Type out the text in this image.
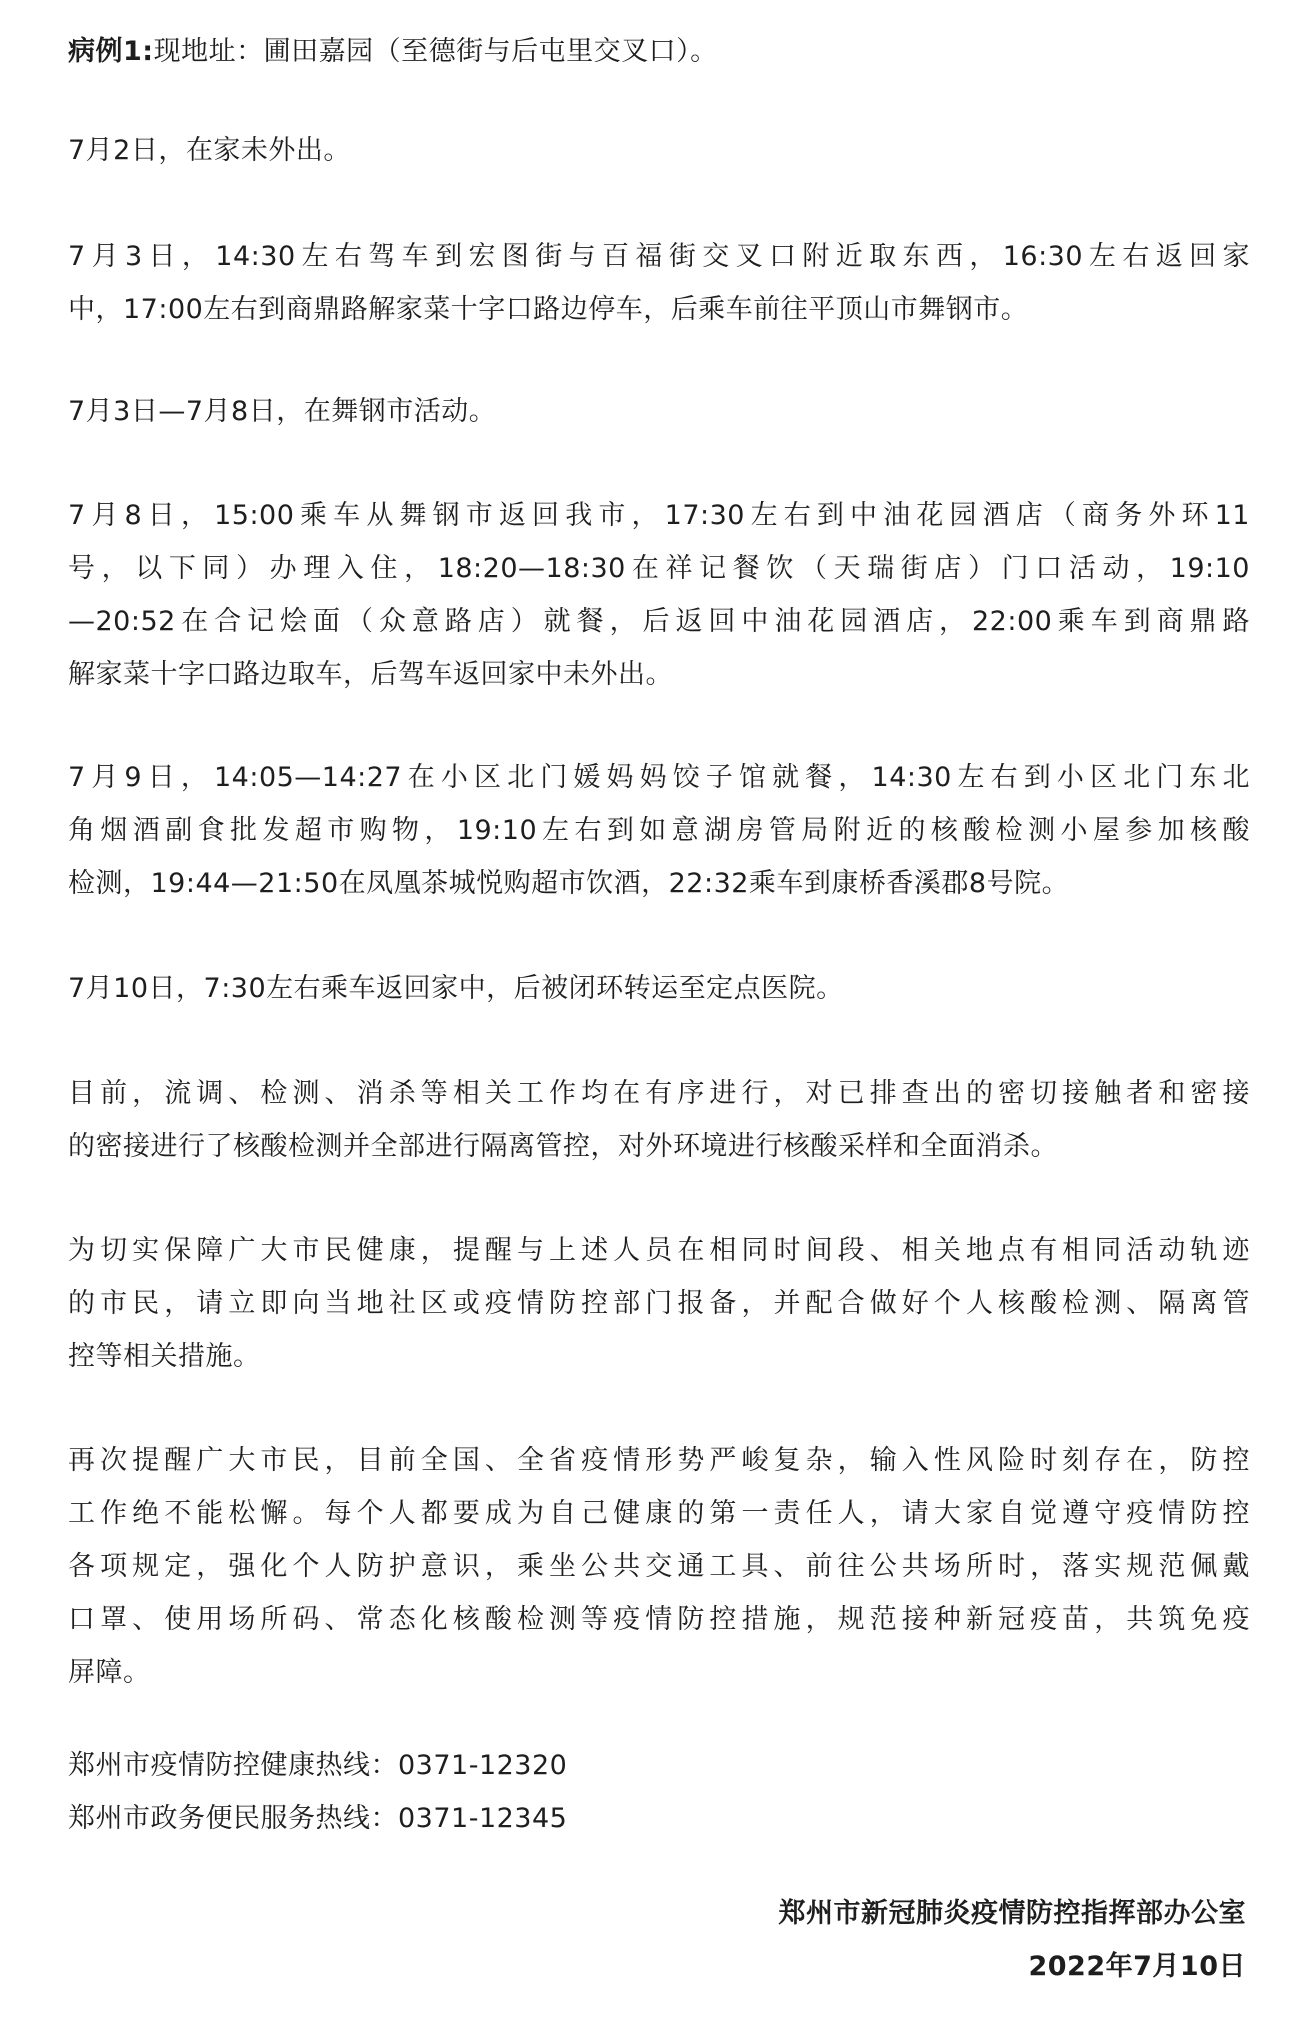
病例1:现地址：圃田嘉园（至德街与后屯里交叉口）。
7月2日，在家未外出。
7月3日，14:30左右驾车到宏图街与百福街交叉口附近取东西，16:30左右返回家
中，17:00左右到商鼎路解家菜十字口路边停车，后乘车前往平顶山市舞钢市。
7月3日—7月8日，在舞钢市活动。
7月8日，15:00乘车从舞钢市返回我市，17:30左右到中油花园酒店（商务外环11
号，以下同）办理入住，18:20—18:30在祥记餐饮（天瑞街店）门口活动，19:10
—20:52在合记烩面（众意路店）就餐，后返回中油花园酒店，22:00乘车到商鼎路
解家菜十字口路边取车，后驾车返回家中未外出。
7月9日，14:05—14:27在小区北门媛妈妈饺子馆就餐，14:30左右到小区北门东北
角烟酒副食批发超市购物，19:10左右到如意湖房管局附近的核酸检测小屋参加核酸
检测，19:44—21:50在凤凰茶城悦购超市饮酒，22:32乘车到康桥香溪郡8号院。
7月10日，7:30左右乘车返回家中，后被闭环转运至定点医院。
目前，流调、检测、消杀等相关工作均在有序进行，对已排查出的密切接触者和密接
的密接进行了核酸检测并全部进行隔离管控，对外环境进行核酸采样和全面消杀。
为切实保障广大市民健康，提醒与上述人员在相同时间段、相关地点有相同活动轨迹
的市民，请立即向当地社区或疫情防控部门报备，并配合做好个人核酸检测、隔离管
控等相关措施。
再次提醒广大市民，目前全国、全省疫情形势严峻复杂，输入性风险时刻存在，防控
工作绝不能松懈。每个人都要成为自己健康的第一责任人，请大家自觉遵守疫情防控
各项规定，强化个人防护意识，乘坐公共交通工具、前往公共场所时，落实规范佩戴
口罩、使用场所码、常态化核酸检测等疫情防控措施，规范接种新冠疫苗，共筑免疫
屏障。
郑州市疫情防控健康热线：0371-12320
郑州市政务便民服务热线：0371-12345
郑州市新冠肺炎疫情防控指挥部办公室
2022年7月10日
